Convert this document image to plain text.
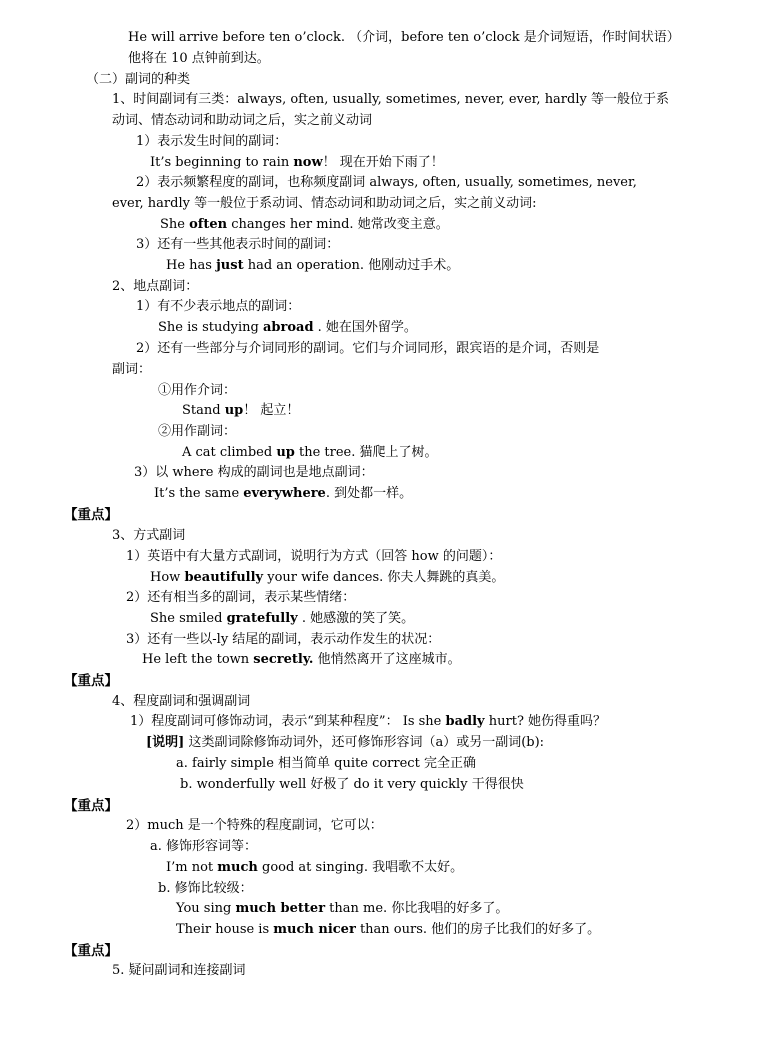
He will arrive before ten o’clock. （介词，before ten o’clock 是介词短语，作时间状语）
他将在 10 点钟前到达。
（二）副词的种类
1、时间副词有三类：always, often, usually, sometimes, never, ever, hardly 等一般位于系
动词、情态动词和助动词之后，实之前义动词
1）表示发生时间的副词：
It’s beginning to rain now！ 现在开始下雨了！
2）表示频繁程度的副词，也称频度副词 always, often, usually, sometimes, never,
ever, hardly 等一般位于系动词、情态动词和助动词之后，实之前义动词:
She often changes her mind. 她常改变主意。
3）还有一些其他表示时间的副词：
He has just had an operation. 他刚动过手术。
2、地点副词：
1）有不少表示地点的副词：
She is studying abroad . 她在国外留学。
2）还有一些部分与介词同形的副词。它们与介词同形，跟宾语的是介词，否则是
副词：
①用作介词：
Stand up！ 起立！
②用作副词：
A cat climbed up the tree. 猫爬上了树。
3）以 where 构成的副词也是地点副词：
It’s the same everywhere. 到处都一样。
【重点】
3、方式副词
1）英语中有大量方式副词，说明行为方式（回答 how 的问题）：
How beautifully your wife dances. 你夫人舞跳的真美。
2）还有相当多的副词，表示某些情绪：
She smiled gratefully . 她感激的笑了笑。
3）还有一些以-ly 结尾的副词，表示动作发生的状况：
He left the town secretly. 他悄然离开了这座城市。
【重点】
4、程度副词和强调副词
1）程度副词可修饰动词，表示“到某种程度”： Is she badly hurt? 她伤得重吗？
[说明] 这类副词除修饰动词外，还可修饰形容词（a）或另一副词(b):
a. fairly simple 相当简单 quite correct 完全正确
b. wonderfully well 好极了 do it very quickly 干得很快
【重点】
2）much 是一个特殊的程度副词，它可以：
a. 修饰形容词等：
I’m not much good at singing. 我唱歌不太好。
b. 修饰比较级：
You sing much better than me. 你比我唱的好多了。
Their house is much nicer than ours. 他们的房子比我们的好多了。
【重点】
5. 疑问副词和连接副词
